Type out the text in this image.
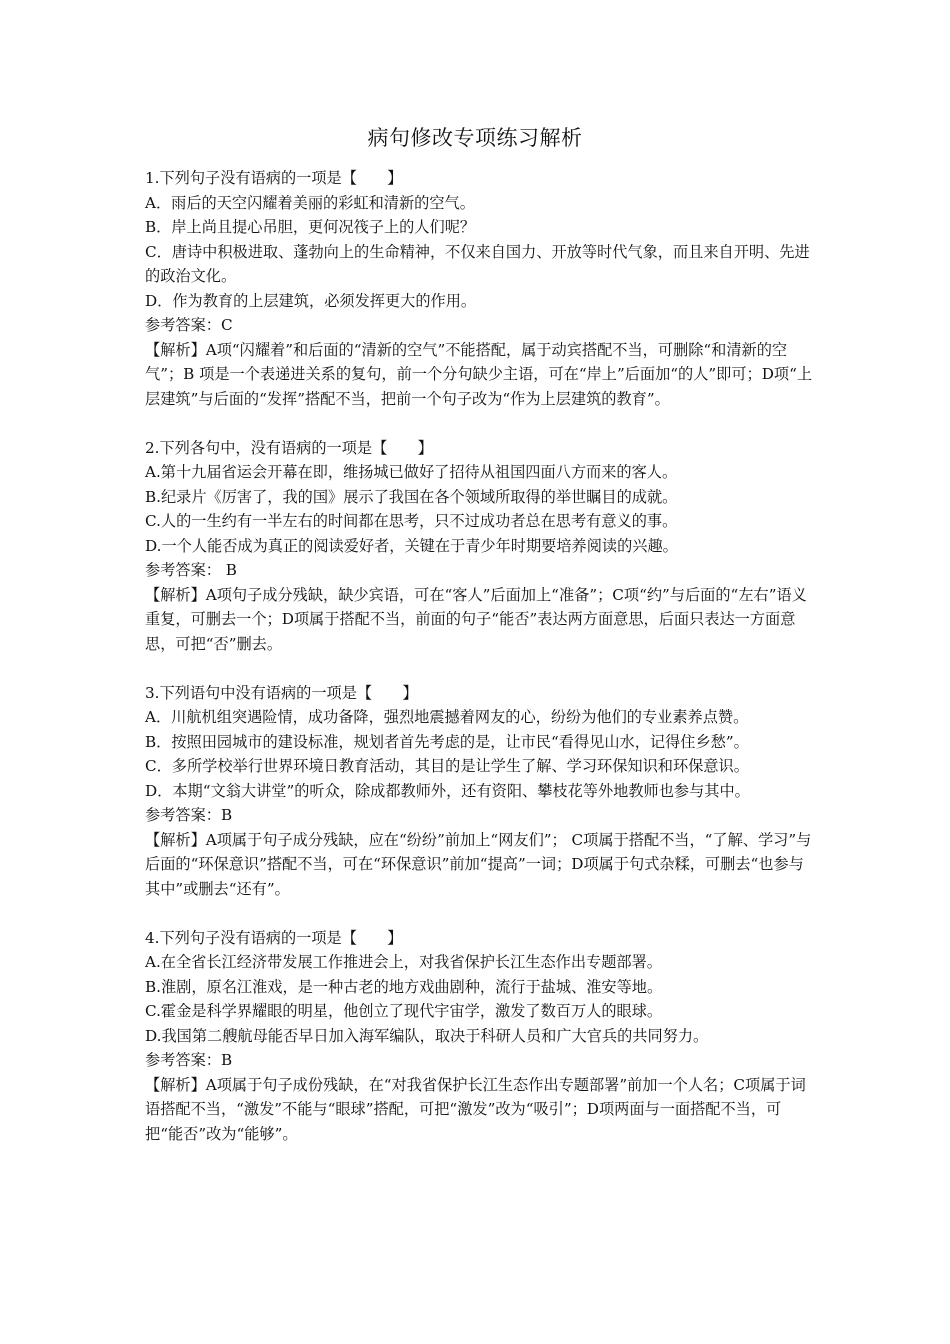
病句修改专项练习解析

1.下列句子没有语病的一项是【　　】

A．雨后的天空闪耀着美丽的彩虹和清新的空气。

B．岸上尚且提心吊胆，更何况筏子上的人们呢？

C．唐诗中积极进取、蓬勃向上的生命精神，不仅来自国力、开放等时代气象，而且来自开明、先进的政治文化。

D．作为教育的上层建筑，必须发挥更大的作用。

参考答案：C

【解析】A项“闪耀着”和后面的“清新的空气”不能搭配，属于动宾搭配不当，可删除“和清新的空气”；B 项是一个表递进关系的复句，前一个分句缺少主语，可在“岸上”后面加“的人”即可；D项“上层建筑”与后面的“发挥”搭配不当，把前一个句子改为“作为上层建筑的教育”。

2.下列各句中，没有语病的一项是【　　】

A.第十九届省运会开幕在即，维扬城已做好了招待从祖国四面八方而来的客人。

B.纪录片《厉害了，我的国》展示了我国在各个领域所取得的举世瞩目的成就。

C.人的一生约有一半左右的时间都在思考，只不过成功者总在思考有意义的事。

D.一个人能否成为真正的阅读爱好者，关键在于青少年时期要培养阅读的兴趣。

参考答案： B

【解析】A项句子成分残缺，缺少宾语，可在“客人”后面加上“准备”；C项“约”与后面的“左右”语义重复，可删去一个；D项属于搭配不当，前面的句子“能否”表达两方面意思，后面只表达一方面意思，可把“否”删去。

3.下列语句中没有语病的一项是【　　】

A．川航机组突遇险情，成功备降，强烈地震撼着网友的心，纷纷为他们的专业素养点赞。

B．按照田园城市的建设标准，规划者首先考虑的是，让市民“看得见山水，记得住乡愁”。

C．多所学校举行世界环境日教育活动，其目的是让学生了解、学习环保知识和环保意识。

D．本期“文翁大讲堂”的听众，除成都教师外，还有资阳、攀枝花等外地教师也参与其中。

参考答案：B

【解析】A项属于句子成分残缺，应在“纷纷”前加上“网友们”； C项属于搭配不当，“了解、学习”与后面的“环保意识”搭配不当，可在“环保意识”前加“提高”一词；D项属于句式杂糅，可删去“也参与其中”或删去“还有”。

4.下列句子没有语病的一项是【　　】

A.在全省长江经济带发展工作推进会上，对我省保护长江生态作出专题部署。

B.淮剧，原名江淮戏，是一种古老的地方戏曲剧种，流行于盐城、淮安等地。

C.霍金是科学界耀眼的明星，他创立了现代宇宙学，激发了数百万人的眼球。

D.我国第二艘航母能否早日加入海军编队，取决于科研人员和广大官兵的共同努力。

参考答案：B

【解析】A项属于句子成份残缺，在“对我省保护长江生态作出专题部署”前加一个人名；C项属于词语搭配不当，“激发”不能与“眼球”搭配，可把“激发”改为“吸引”；D项两面与一面搭配不当，可把“能否”改为“能够”。
